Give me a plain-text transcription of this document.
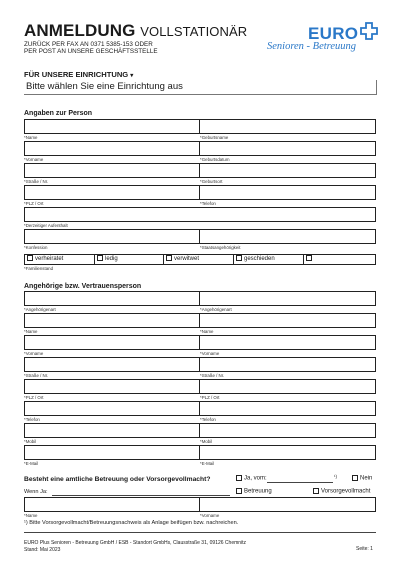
ANMELDUNG VOLLSTATIONÄR
ZURÜCK PER FAX AN 0371 5385-153 ODER
PER POST AN UNSERE GESCHÄFTSSTELLE
EURO
Senioren - Betreuung
FÜR UNSERE EINRICHTUNG ▾
Bitte wählen Sie eine Einrichtung aus
Angaben zur Person
*Name	*Geburtsname
*Vorname	*Geburtsdatum
*Straße / Nr.	*Geburtsort
*PLZ / Ort	*Telefon
*Derzeitiger Aufenthalt
*Konfession	*Staatsangehörigkeit
verheiratet	ledig	verwitwet	geschieden
*Familienstand
Angehörige bzw. Vertrauensperson
*Angehörigenart	*Angehörigenart
*Name	*Name
*Vorname	*Vorname
*Straße / Nr.	*Straße / Nr.
*PLZ / Ort	*PLZ / Ort
*Telefon	*Telefon
*Mobil	*Mobil
*E-Mail	*E-Mail
Besteht eine amtliche Betreuung oder Vorsorgevollmacht?	Ja, vom:	¹)	Nein
Wenn Ja:	Betreuung	Vorsorgevollmacht
*Name	*Vorname
¹) Bitte Vorsorgevollmacht/Betreuungsnachweis als Anlage beifügen bzw. nachreichen.
EURO Plus Senioren - Betreuung GmbH / ESB - Standort GmbHs, Clausstraße 31, 09126 Chemnitz
Stand: Mai 2023	Seite: 1
